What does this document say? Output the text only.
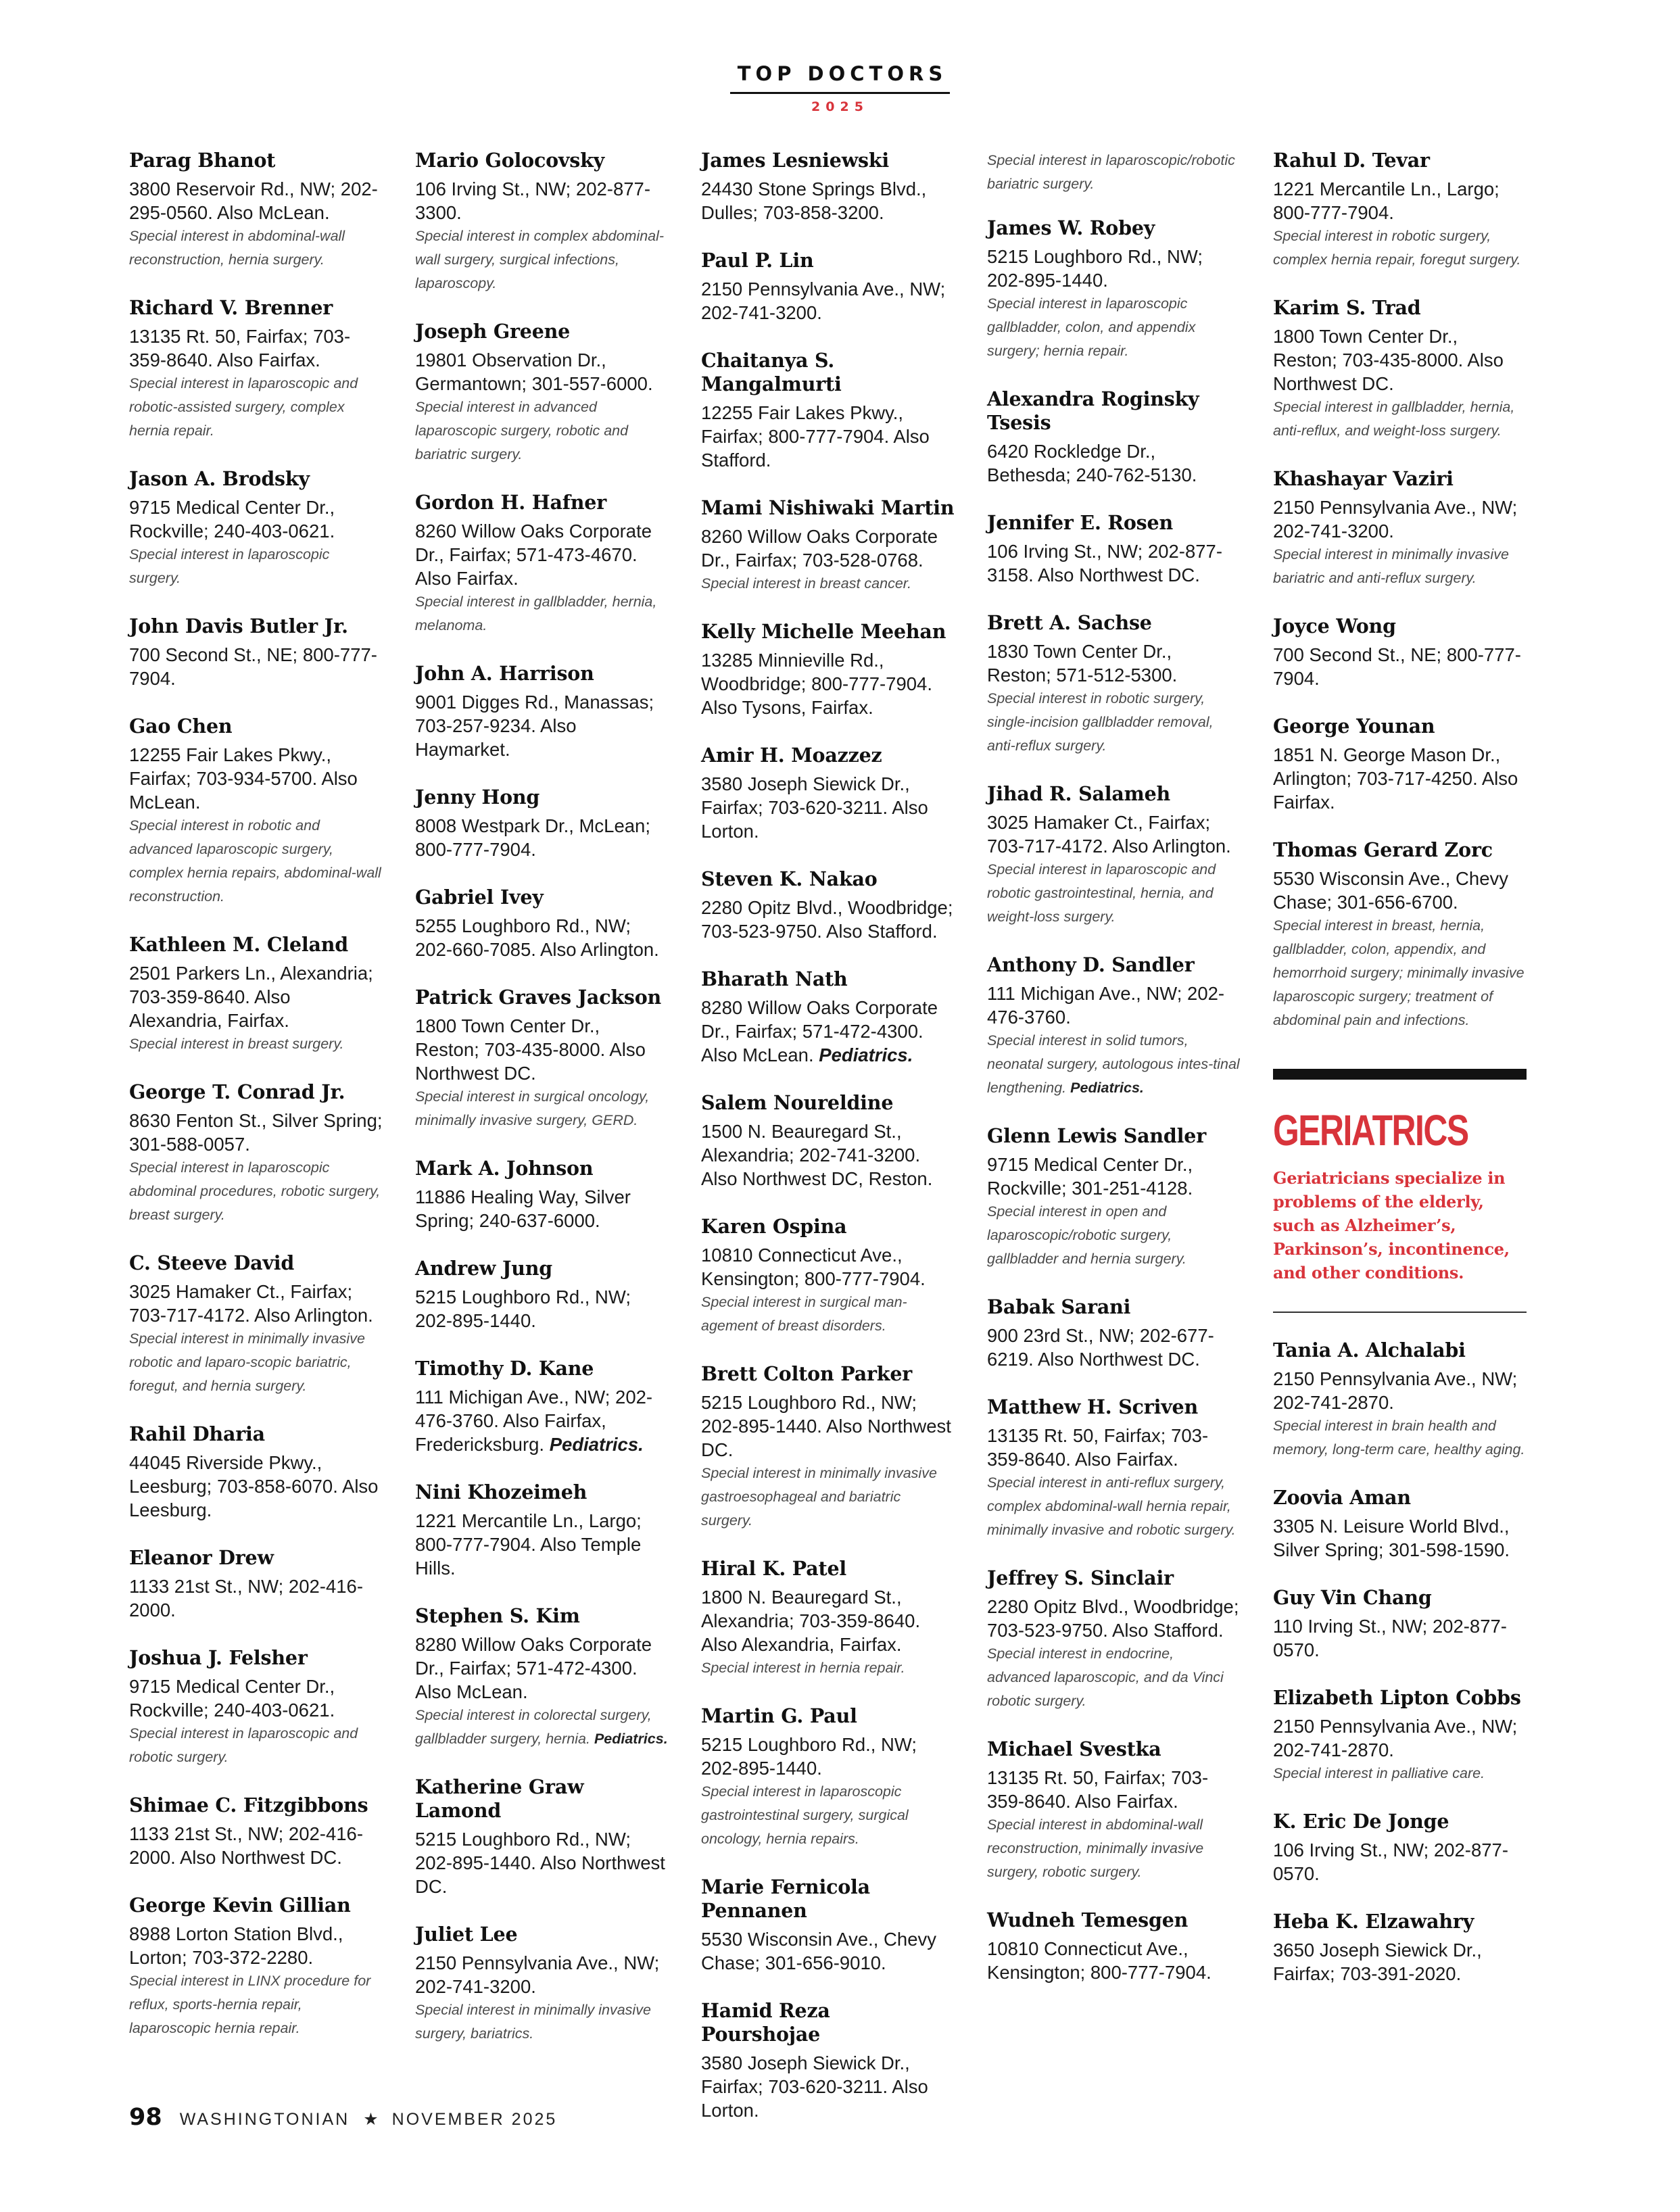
TOP DOCTORS
2025
Parag Bhanot
3800 Reservoir Rd., NW; 202-295-0560. Also McLean.
Special interest in abdominal-wall reconstruction, hernia surgery.
Richard V. Brenner
13135 Rt. 50, Fairfax; 703-359-8640. Also Fairfax.
Special interest in laparoscopic and robotic-assisted surgery, complex hernia repair.
Jason A. Brodsky
9715 Medical Center Dr., Rockville; 240-403-0621.
Special interest in laparoscopic surgery.
John Davis Butler Jr.
700 Second St., NE; 800-777-7904.
Gao Chen
12255 Fair Lakes Pkwy., Fairfax; 703-934-5700. Also McLean.
Special interest in robotic and advanced laparoscopic surgery, complex hernia repairs, abdominal-wall reconstruction.
Kathleen M. Cleland
2501 Parkers Ln., Alexandria; 703-359-8640. Also Alexandria, Fairfax.
Special interest in breast surgery.
George T. Conrad Jr.
8630 Fenton St., Silver Spring; 301-588-0057.
Special interest in laparoscopic abdominal procedures, robotic surgery, breast surgery.
C. Steeve David
3025 Hamaker Ct., Fairfax; 703-717-4172. Also Arlington.
Special interest in minimally invasive robotic and laparo-scopic bariatric, foregut, and hernia surgery.
Rahil Dharia
44045 Riverside Pkwy., Leesburg; 703-858-6070. Also Leesburg.
Eleanor Drew
1133 21st St., NW; 202-416-2000.
Joshua J. Felsher
9715 Medical Center Dr., Rockville; 240-403-0621.
Special interest in laparoscopic and robotic surgery.
Shimae C. Fitzgibbons
1133 21st St., NW; 202-416-2000. Also Northwest DC.
George Kevin Gillian
8988 Lorton Station Blvd., Lorton; 703-372-2280.
Special interest in LINX procedure for reflux, sports-hernia repair, laparoscopic hernia repair.
Mario Golocovsky
106 Irving St., NW; 202-877-3300.
Special interest in complex abdominal-wall surgery, surgical infections, laparoscopy.
Joseph Greene
19801 Observation Dr., Germantown; 301-557-6000.
Special interest in advanced laparoscopic surgery, robotic and bariatric surgery.
Gordon H. Hafner
8260 Willow Oaks Corporate Dr., Fairfax; 571-473-4670. Also Fairfax.
Special interest in gallbladder, hernia, melanoma.
John A. Harrison
9001 Digges Rd., Manassas; 703-257-9234. Also Haymarket.
Jenny Hong
8008 Westpark Dr., McLean; 800-777-7904.
Gabriel Ivey
5255 Loughboro Rd., NW; 202-660-7085. Also Arlington.
Patrick Graves Jackson
1800 Town Center Dr., Reston; 703-435-8000. Also Northwest DC.
Special interest in surgical oncology, minimally invasive surgery, GERD.
Mark A. Johnson
11886 Healing Way, Silver Spring; 240-637-6000.
Andrew Jung
5215 Loughboro Rd., NW; 202-895-1440.
Timothy D. Kane
111 Michigan Ave., NW; 202-476-3760. Also Fairfax, Fredericksburg. Pediatrics.
Nini Khozeimeh
1221 Mercantile Ln., Largo; 800-777-7904. Also Temple Hills.
Stephen S. Kim
8280 Willow Oaks Corporate Dr., Fairfax; 571-472-4300. Also McLean.
Special interest in colorectal surgery, gallbladder surgery, hernia. Pediatrics.
Katherine Graw Lamond
5215 Loughboro Rd., NW; 202-895-1440. Also Northwest DC.
Juliet Lee
2150 Pennsylvania Ave., NW; 202-741-3200.
Special interest in minimally invasive surgery, bariatrics.
James Lesniewski
24430 Stone Springs Blvd., Dulles; 703-858-3200.
Paul P. Lin
2150 Pennsylvania Ave., NW; 202-741-3200.
Chaitanya S. Mangalmurti
12255 Fair Lakes Pkwy., Fairfax; 800-777-7904. Also Stafford.
Mami Nishiwaki Martin
8260 Willow Oaks Corporate Dr., Fairfax; 703-528-0768.
Special interest in breast cancer.
Kelly Michelle Meehan
13285 Minnieville Rd., Woodbridge; 800-777-7904. Also Tysons, Fairfax.
Amir H. Moazzez
3580 Joseph Siewick Dr., Fairfax; 703-620-3211. Also Lorton.
Steven K. Nakao
2280 Opitz Blvd., Woodbridge; 703-523-9750. Also Stafford.
Bharath Nath
8280 Willow Oaks Corporate Dr., Fairfax; 571-472-4300. Also McLean. Pediatrics.
Salem Noureldine
1500 N. Beauregard St., Alexandria; 202-741-3200. Also Northwest DC, Reston.
Karen Ospina
10810 Connecticut Ave., Kensington; 800-777-7904.
Special interest in surgical man-agement of breast disorders.
Brett Colton Parker
5215 Loughboro Rd., NW; 202-895-1440. Also Northwest DC.
Special interest in minimally invasive gastroesophageal and bariatric surgery.
Hiral K. Patel
1800 N. Beauregard St., Alexandria; 703-359-8640. Also Alexandria, Fairfax.
Special interest in hernia repair.
Martin G. Paul
5215 Loughboro Rd., NW; 202-895-1440.
Special interest in laparoscopic gastrointestinal surgery, surgical oncology, hernia repairs.
Marie Fernicola Pennanen
5530 Wisconsin Ave., Chevy Chase; 301-656-9010.
Hamid Reza Pourshojae
3580 Joseph Siewick Dr., Fairfax; 703-620-3211. Also Lorton.
Special interest in laparoscopic/robotic bariatric surgery.
James W. Robey
5215 Loughboro Rd., NW; 202-895-1440.
Special interest in laparoscopic gallbladder, colon, and appendix surgery; hernia repair.
Alexandra Roginsky Tsesis
6420 Rockledge Dr., Bethesda; 240-762-5130.
Jennifer E. Rosen
106 Irving St., NW; 202-877-3158. Also Northwest DC.
Brett A. Sachse
1830 Town Center Dr., Reston; 571-512-5300.
Special interest in robotic surgery, single-incision gallbladder removal, anti-reflux surgery.
Jihad R. Salameh
3025 Hamaker Ct., Fairfax; 703-717-4172. Also Arlington.
Special interest in laparoscopic and robotic gastrointestinal, hernia, and weight-loss surgery.
Anthony D. Sandler
111 Michigan Ave., NW; 202-476-3760.
Special interest in solid tumors, neonatal surgery, autologous intes-tinal lengthening. Pediatrics.
Glenn Lewis Sandler
9715 Medical Center Dr., Rockville; 301-251-4128.
Special interest in open and laparoscopic/robotic surgery, gallbladder and hernia surgery.
Babak Sarani
900 23rd St., NW; 202-677-6219. Also Northwest DC.
Matthew H. Scriven
13135 Rt. 50, Fairfax; 703-359-8640. Also Fairfax.
Special interest in anti-reflux surgery, complex abdominal-wall hernia repair, minimally invasive and robotic surgery.
Jeffrey S. Sinclair
2280 Opitz Blvd., Woodbridge; 703-523-9750. Also Stafford.
Special interest in endocrine, advanced laparoscopic, and da Vinci robotic surgery.
Michael Svestka
13135 Rt. 50, Fairfax; 703-359-8640. Also Fairfax.
Special interest in abdominal-wall reconstruction, minimally invasive surgery, robotic surgery.
Wudneh Temesgen
10810 Connecticut Ave., Kensington; 800-777-7904.
Rahul D. Tevar
1221 Mercantile Ln., Largo; 800-777-7904.
Special interest in robotic surgery, complex hernia repair, foregut surgery.
Karim S. Trad
1800 Town Center Dr., Reston; 703-435-8000. Also Northwest DC.
Special interest in gallbladder, hernia, anti-reflux, and weight-loss surgery.
Khashayar Vaziri
2150 Pennsylvania Ave., NW; 202-741-3200.
Special interest in minimally invasive bariatric and anti-reflux surgery.
Joyce Wong
700 Second St., NE; 800-777-7904.
George Younan
1851 N. George Mason Dr., Arlington; 703-717-4250. Also Fairfax.
Thomas Gerard Zorc
5530 Wisconsin Ave., Chevy Chase; 301-656-6700.
Special interest in breast, hernia, gallbladder, colon, appendix, and hemorrhoid surgery; minimally invasive laparoscopic surgery; treatment of abdominal pain and infections.
GERIATRICS
Geriatricians specialize in problems of the elderly, such as Alzheimer’s, Parkinson’s, incontinence, and other conditions.
Tania A. Alchalabi
2150 Pennsylvania Ave., NW; 202-741-2870.
Special interest in brain health and memory, long-term care, healthy aging.
Zoovia Aman
3305 N. Leisure World Blvd., Silver Spring; 301-598-1590.
Guy Vin Chang
110 Irving St., NW; 202-877-0570.
Elizabeth Lipton Cobbs
2150 Pennsylvania Ave., NW; 202-741-2870.
Special interest in palliative care.
K. Eric De Jonge
106 Irving St., NW; 202-877-0570.
Heba K. Elzawahry
3650 Joseph Siewick Dr., Fairfax; 703-391-2020.
98 WASHINGTONIAN ★ NOVEMBER 2025
